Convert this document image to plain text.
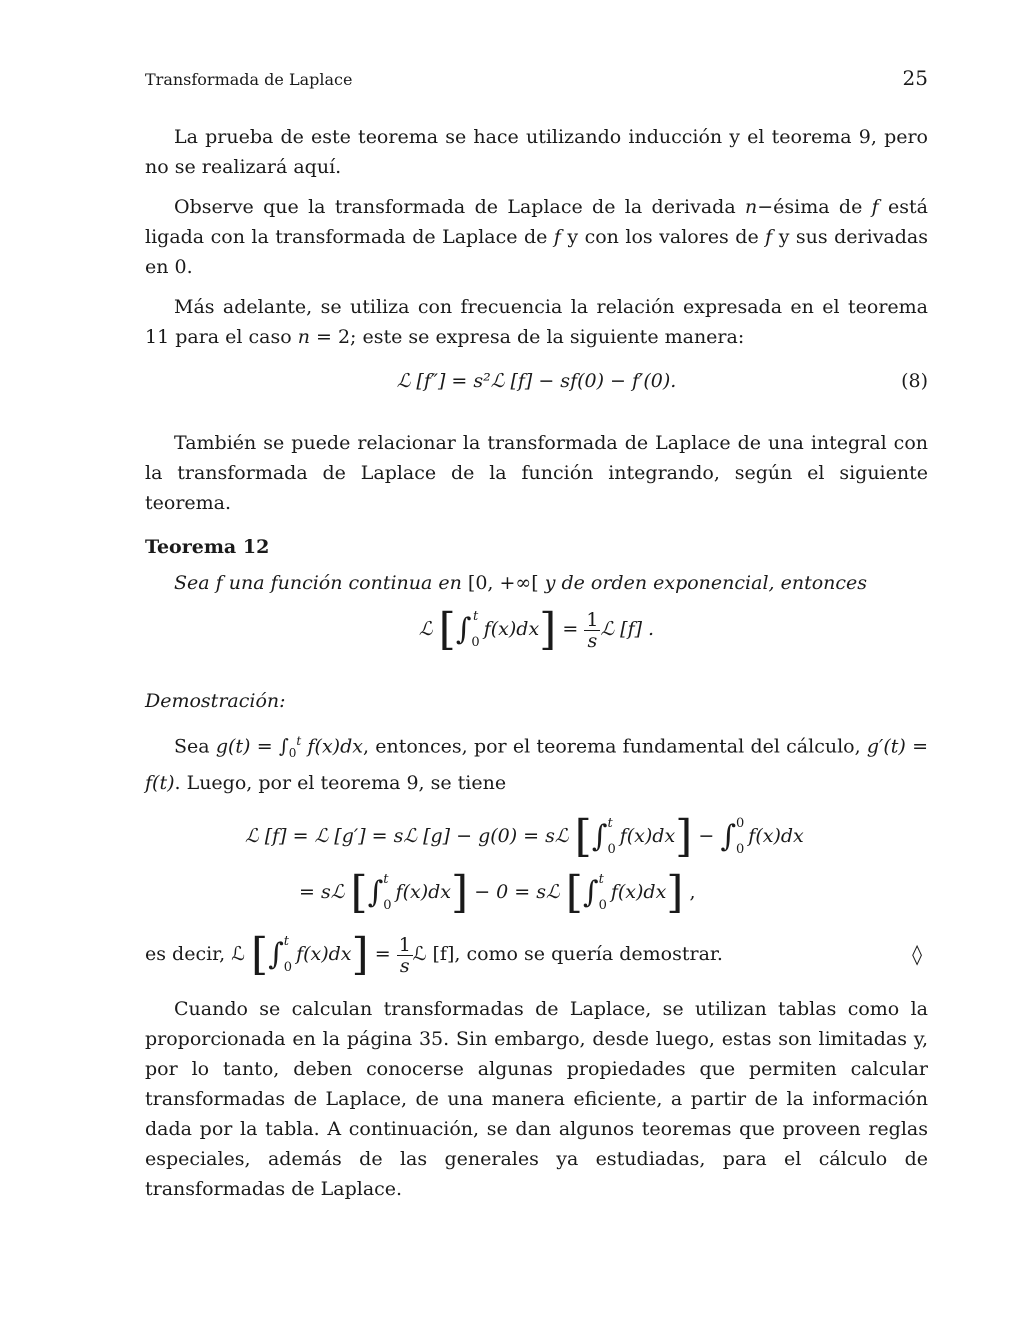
Transformada de Laplace	25

La prueba de este teorema se hace utilizando inducción y el teorema 9, pero no se realizará aquí.

Observe que la transformada de Laplace de la derivada n−ésima de f está ligada con la transformada de Laplace de f y con los valores de f y sus derivadas en 0.

Más adelante, se utiliza con frecuencia la relación expresada en el teorema 11 para el caso n = 2; este se expresa de la siguiente manera:

ℒ [f″] = s²ℒ [f] − sf(0) − f′(0).	(8)

También se puede relacionar la transformada de Laplace de una integral con la transformada de Laplace de la función integrando, según el siguiente teorema.

Teorema 12
Sea f una función continua en [0, +∞[ y de orden exponencial, entonces
ℒ [∫ t
0
$f(x)dx] = \frac{1}{s}$ ℒ [f] .
Demostración:

Sea $g(t) = \int_0^t$ f(x)dx, entonces, por el teorema fundamental del cálculo, g′(t) = f(t). Luego, por el teorema 9, se tiene

ℒ [f] = ℒ [g′] = sℒ [g] − g(0) = sℒ [∫ t
0
f(x)dx] − ∫ 0
0
f(x)dx
= sℒ [∫ t
0
f(x)dx] − 0 = sℒ [∫ t
0
f(x)dx] ,
es decir, ℒ [∫ t
0
$f(x)dx] = \frac{1}{s}$ ℒ [f], como se quería demostrar.	◊

Cuando se calculan transformadas de Laplace, se utilizan tablas como la proporcionada en la página 35. Sin embargo, desde luego, estas son limitadas y, por lo tanto, deben conocerse algunas propiedades que permiten calcular transformadas de Laplace, de una manera eficiente, a partir de la información dada por la tabla. A continuación, se dan algunos teoremas que proveen reglas especiales, además de las generales ya estudiadas, para el cálculo de transformadas de Laplace.
